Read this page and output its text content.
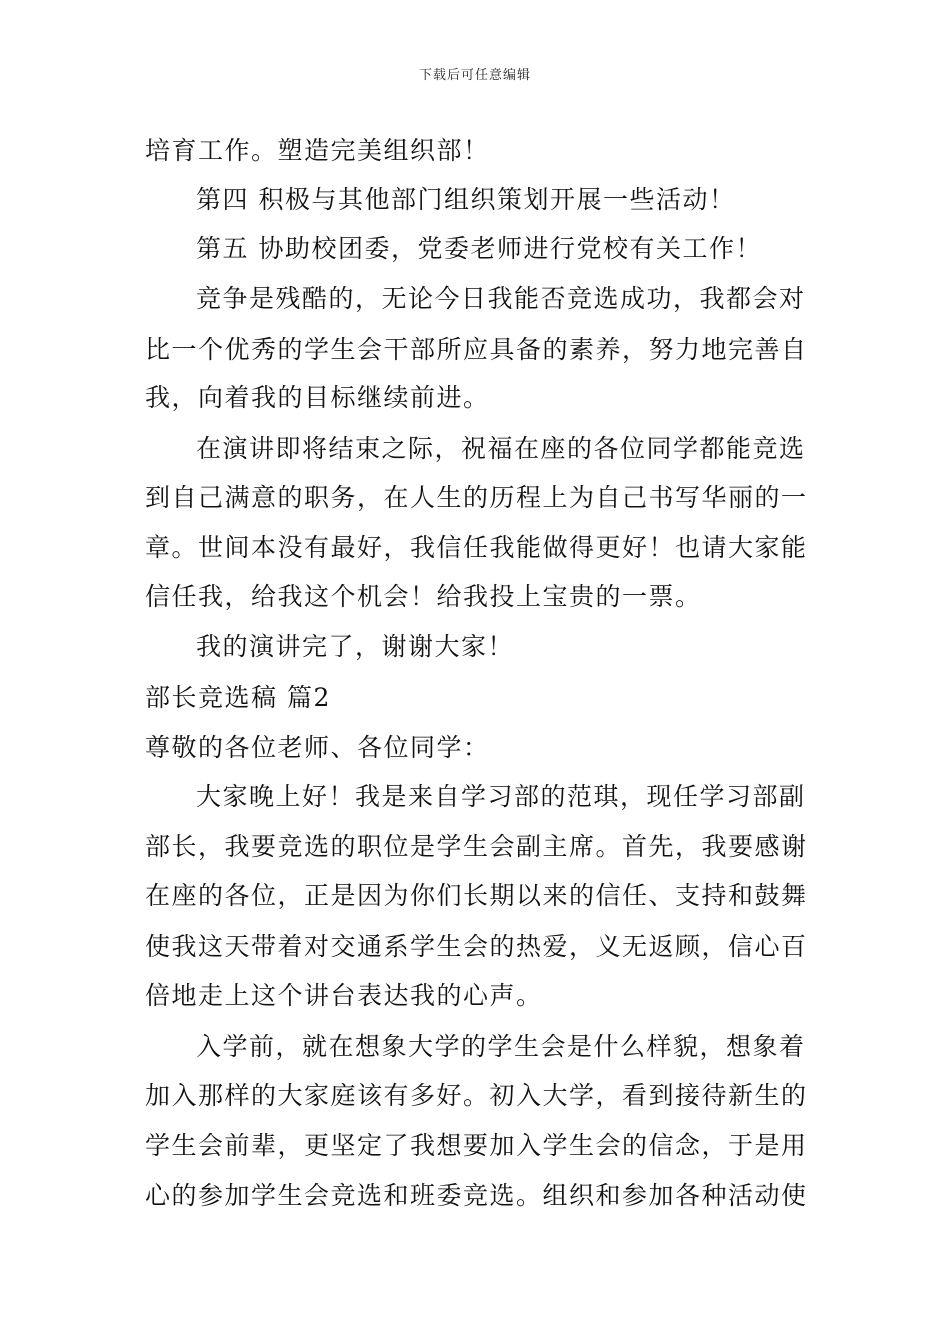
下载后可任意编辑
培育工作。塑造完美组织部！
第四 积极与其他部门组织策划开展一些活动！
第五 协助校团委，党委老师进行党校有关工作！
竞争是残酷的，无论今日我能否竞选成功，我都会对
比一个优秀的学生会干部所应具备的素养，努力地完善自
我，向着我的目标继续前进。
在演讲即将结束之际，祝福在座的各位同学都能竞选
到自己满意的职务，在人生的历程上为自己书写华丽的一
章。世间本没有最好，我信任我能做得更好！也请大家能
信任我，给我这个机会！给我投上宝贵的一票。
我的演讲完了，谢谢大家！
部长竞选稿 篇2
尊敬的各位老师、各位同学：
大家晚上好！我是来自学习部的范琪，现任学习部副
部长，我要竞选的职位是学生会副主席。首先，我要感谢
在座的各位，正是因为你们长期以来的信任、支持和鼓舞
使我这天带着对交通系学生会的热爱，义无返顾，信心百
倍地走上这个讲台表达我的心声。
入学前，就在想象大学的学生会是什么样貌，想象着
加入那样的大家庭该有多好。初入大学，看到接待新生的
学生会前辈，更坚定了我想要加入学生会的信念，于是用
心的参加学生会竞选和班委竞选。组织和参加各种活动使
